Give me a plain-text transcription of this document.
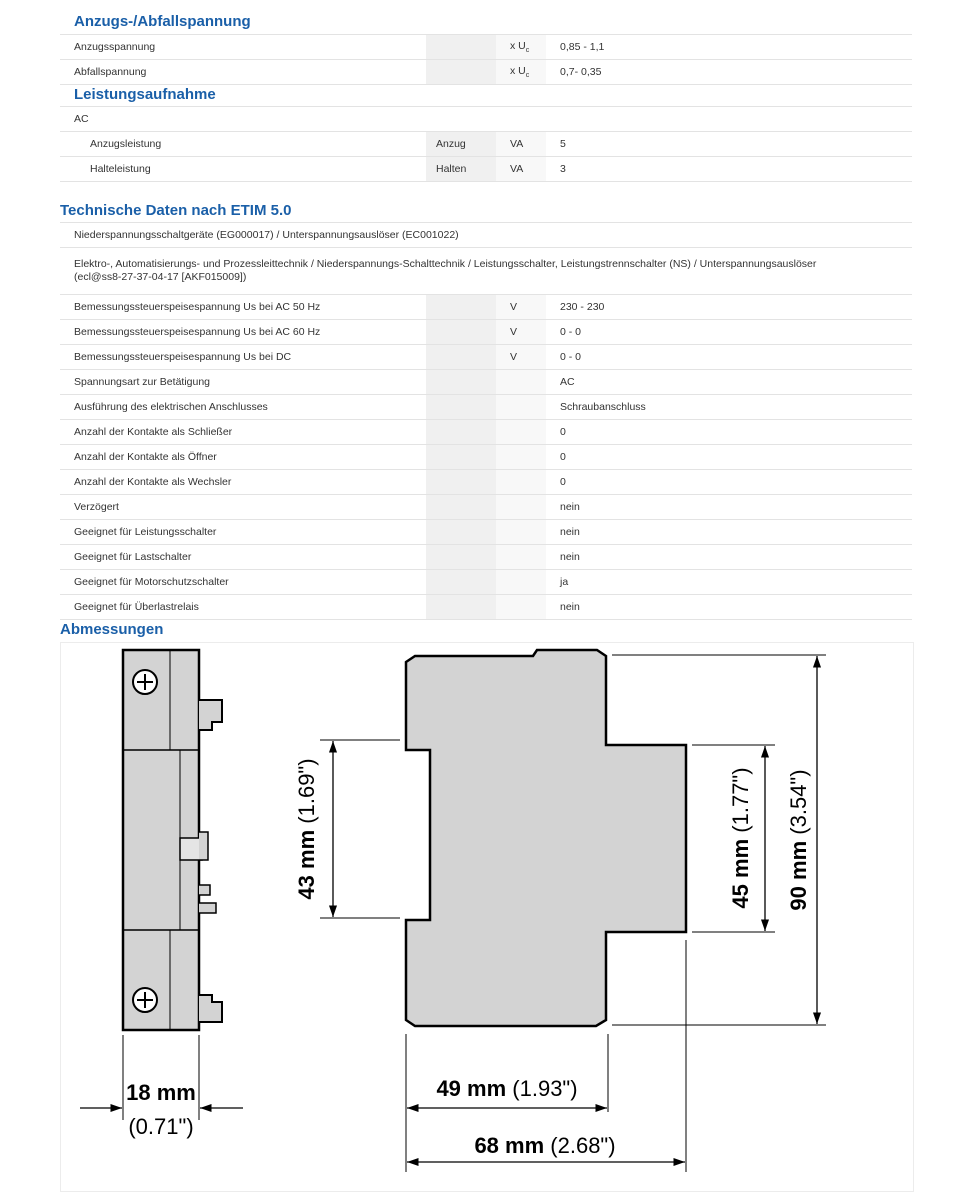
Anzugs-/Abfallspannung
Anzugsspannung		x $U_c$	0,85 - 1,1
Abfallspannung		x $U_c$	0,7- 0,35
Leistungsaufnahme
AC			
Anzugsleistung	Anzug	VA	5
Halteleistung	Halten	VA	3
Technische Daten nach ETIM 5.0
Niederspannungsschaltgeräte (EG000017) / Unterspannungsauslöser (EC001022)			
Elektro-, Automatisierungs- und Prozessleittechnik / Niederspannungs-Schalttechnik / Leistungsschalter, Leistungstrennschalter (NS) / Unterspannungsauslöser
(ecl@ss8-27-37-04-17 [AKF015009])			
Bemessungssteuerspeisespannung Us bei AC 50 Hz		V	230 - 230
Bemessungssteuerspeisespannung Us bei AC 60 Hz		V	0 - 0
Bemessungssteuerspeisespannung Us bei DC		V	0 - 0
Spannungsart zur Betätigung			AC
Ausführung des elektrischen Anschlusses			Schraubanschluss
Anzahl der Kontakte als Schließer			0
Anzahl der Kontakte als Öffner			0
Anzahl der Kontakte als Wechsler			0
Verzögert			nein
Geeignet für Leistungsschalter			nein
Geeignet für Lastschalter			nein
Geeignet für Motorschutzschalter			ja
Geeignet für Überlastrelais			nein
Abmessungen
18 mm
(0.71")
43 mm (1.69")
45 mm (1.77")
90 mm (3.54")
49 mm (1.93")
68 mm (2.68")
